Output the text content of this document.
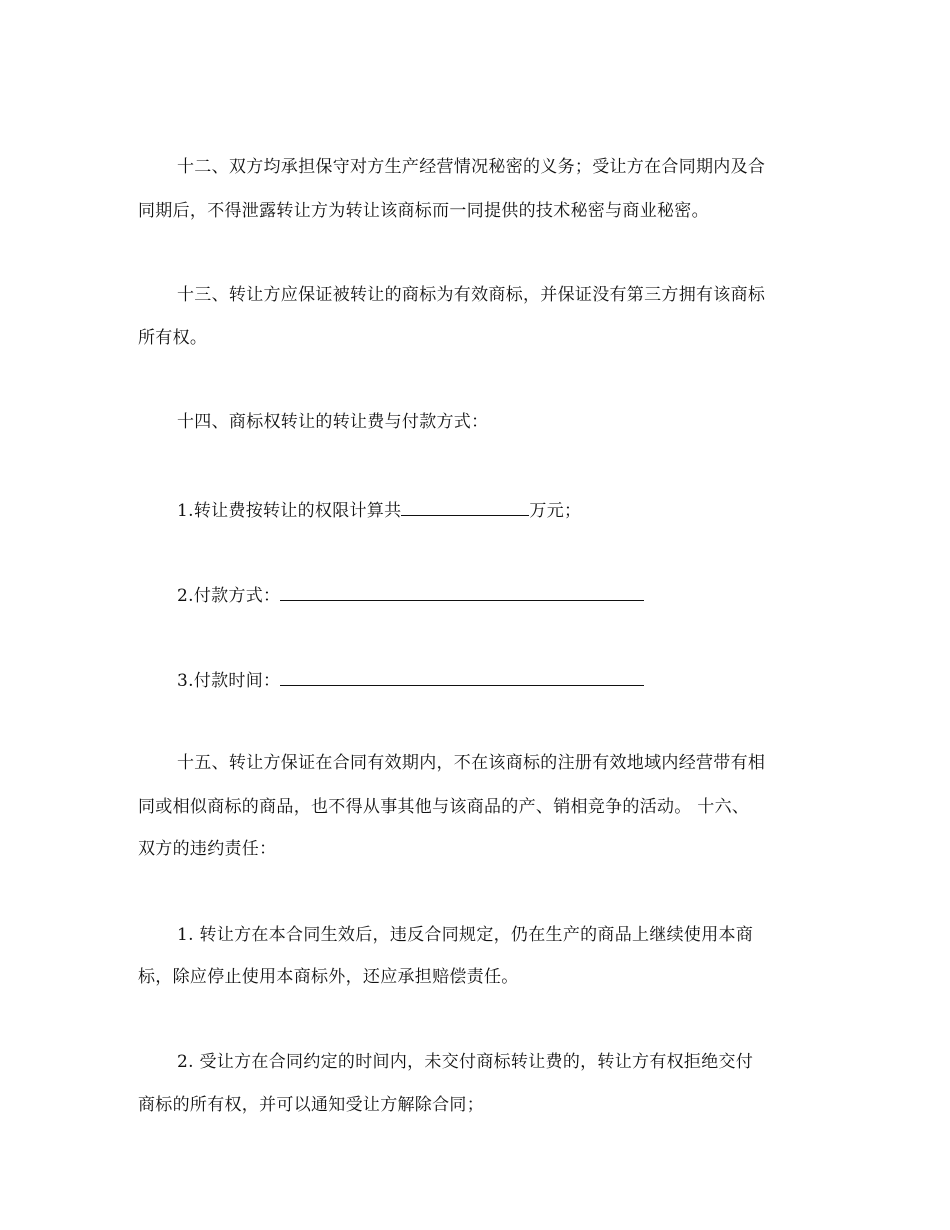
十二、双方均承担保守对方生产经营情况秘密的义务；受让方在合同期内及合
同期后，不得泄露转让方为转让该商标而一同提供的技术秘密与商业秘密。
十三、转让方应保证被转让的商标为有效商标，并保证没有第三方拥有该商标
所有权。
十四、商标权转让的转让费与付款方式：
1.转让费按转让的权限计算共	万元；
2.付款方式：
3.付款时间：
十五、转让方保证在合同有效期内，不在该商标的注册有效地域内经营带有相
同或相似商标的商品，也不得从事其他与该商品的产、销相竞争的活动。 十六、
双方的违约责任：
1. 转让方在本合同生效后，违反合同规定，仍在生产的商品上继续使用本商
标，除应停止使用本商标外，还应承担赔偿责任。
2. 受让方在合同约定的时间内，未交付商标转让费的，转让方有权拒绝交付
商标的所有权，并可以通知受让方解除合同；
